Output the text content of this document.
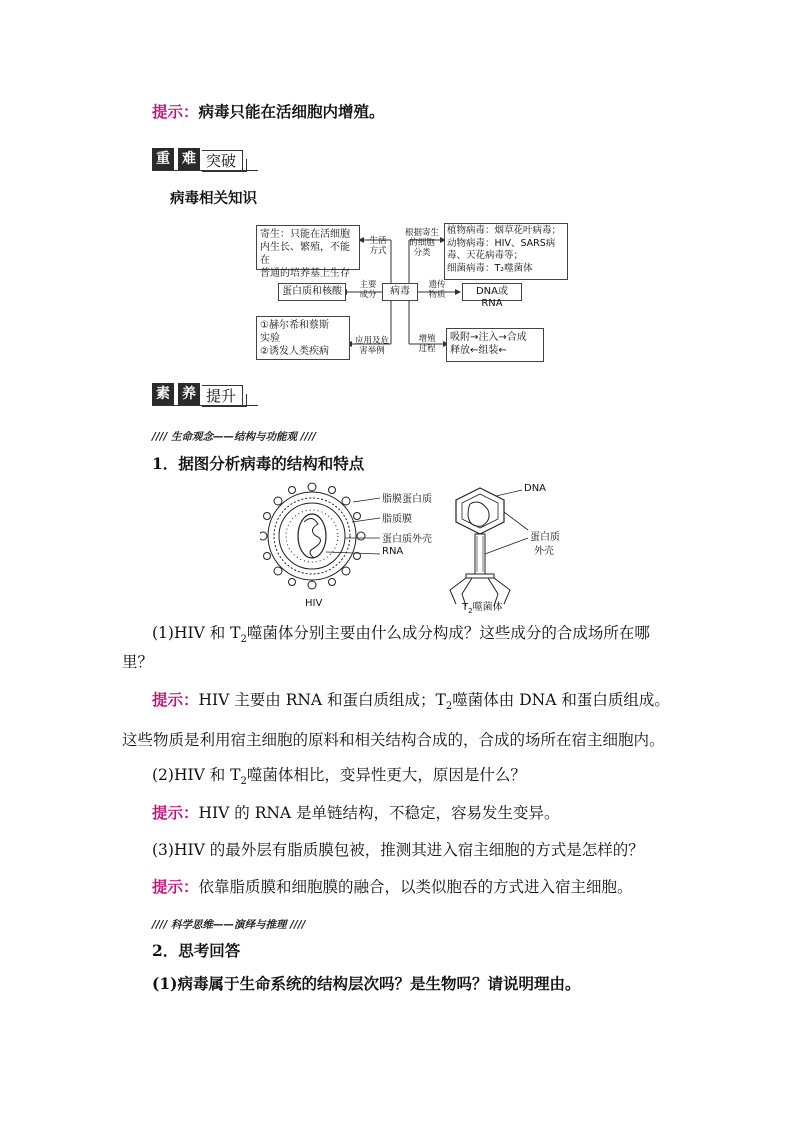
提示：病毒只能在活细胞内增殖。
重 难 突破
病毒相关知识
寄生：只能在活细胞
内生长、繁殖，不能在
普通的培养基上生存
生活
方式
根据寄生
的细胞
分类
植物病毒：烟草花叶病毒；
动物病毒：HIV、SARS病
毒、天花病毒等；
细菌病毒：T₂噬菌体
蛋白质和核酸
主要
成分	病毒
遗传
物质	DNA或RNA
①赫尔希和蔡斯
实验
②诱发人类疾病
应用及危
害举例
增殖
过程
吸附→注入→合成
释放←组装←
素 养 提升
//// 生命观念——结构与功能观 ////
1．据图分析病毒的结构和特点
脂膜蛋白质
脂质膜
蛋白质外壳
RNA
DNA
蛋白质
外壳
HIV	$T_2$噬菌体
(1)HIV 和 $T_2$噬菌体分别主要由什么成分构成？这些成分的合成场所在哪
里？
提示：HIV 主要由 RNA 和蛋白质组成；$T_2$噬菌体由 DNA 和蛋白质组成。
这些物质是利用宿主细胞的原料和相关结构合成的，合成的场所在宿主细胞内。
(2)HIV 和 $T_2$噬菌体相比，变异性更大，原因是什么？
提示：HIV 的 RNA 是单链结构，不稳定，容易发生变异。
(3)HIV 的最外层有脂质膜包被，推测其进入宿主细胞的方式是怎样的？
提示：依靠脂质膜和细胞膜的融合，以类似胞吞的方式进入宿主细胞。
//// 科学思维——演绎与推理 ////
2．思考回答
(1)病毒属于生命系统的结构层次吗？是生物吗？请说明理由。
